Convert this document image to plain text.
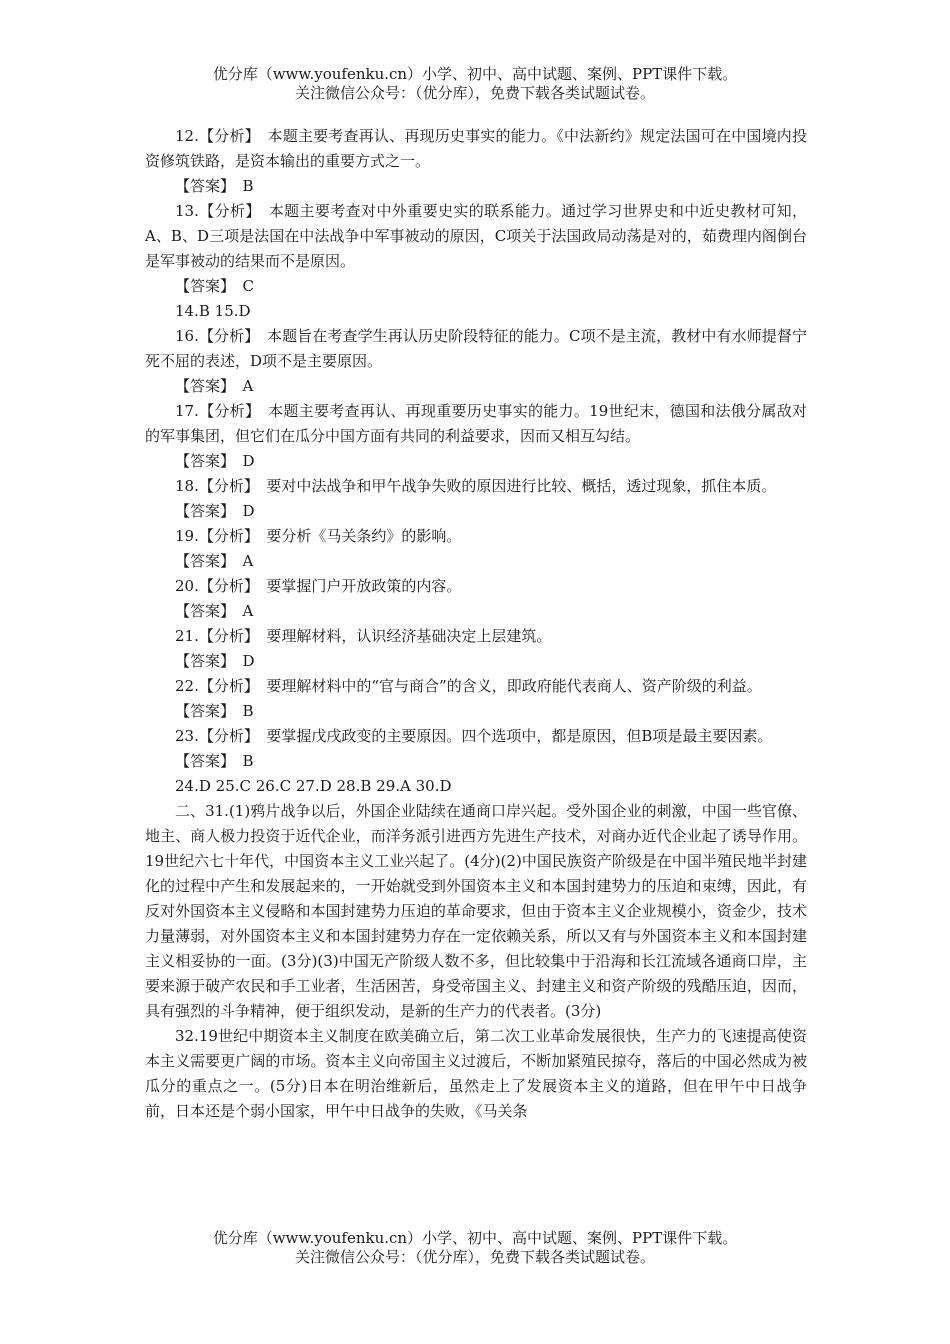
优分库（www.youfenku.cn）小学、初中、高中试题、案例、PPT课件下载。
关注微信公众号：（优分库），免费下载各类试题试卷。

12.【分析】　本题主要考查再认、再现历史事实的能力。《中法新约》规定法国可在中国境内投资修筑铁路，是资本输出的重要方式之一。

【答案】　B

13.【分析】　本题主要考查对中外重要史实的联系能力。通过学习世界史和中近史教材可知，A、B、D三项是法国在中法战争中军事被动的原因，C项关于法国政局动荡是对的，茹费理内阁倒台是军事被动的结果而不是原因。

【答案】　C

14.B 15.D

16.【分析】　本题旨在考查学生再认历史阶段特征的能力。C项不是主流，教材中有水师提督宁死不屈的表述，D项不是主要原因。

【答案】　A

17.【分析】　本题主要考查再认、再现重要历史事实的能力。19世纪末，德国和法俄分属敌对的军事集团，但它们在瓜分中国方面有共同的利益要求，因而又相互勾结。

【答案】　D

18.【分析】　要对中法战争和甲午战争失败的原因进行比较、概括，透过现象，抓住本质。

【答案】　D

19.【分析】　要分析《马关条约》的影响。

【答案】　A

20.【分析】　要掌握门户开放政策的内容。

【答案】　A

21.【分析】　要理解材料，认识经济基础决定上层建筑。

【答案】　D

22.【分析】　要理解材料中的“官与商合”的含义，即政府能代表商人、资产阶级的利益。

【答案】　B

23.【分析】　要掌握戊戌政变的主要原因。四个选项中，都是原因，但B项是最主要因素。

【答案】　B

24.D 25.C 26.C 27.D 28.B 29.A 30.D

二、31.(1)鸦片战争以后，外国企业陆续在通商口岸兴起。受外国企业的刺激，中国一些官僚、地主、商人极力投资于近代企业，而洋务派引进西方先进生产技术，对商办近代企业起了诱导作用。19世纪六七十年代，中国资本主义工业兴起了。(4分)(2)中国民族资产阶级是在中国半殖民地半封建化的过程中产生和发展起来的，一开始就受到外国资本主义和本国封建势力的压迫和束缚，因此，有反对外国资本主义侵略和本国封建势力压迫的革命要求，但由于资本主义企业规模小，资金少，技术力量薄弱，对外国资本主义和本国封建势力存在一定依赖关系，所以又有与外国资本主义和本国封建主义相妥协的一面。(3分)(3)中国无产阶级人数不多，但比较集中于沿海和长江流域各通商口岸，主要来源于破产农民和手工业者，生活困苦，身受帝国主义、封建主义和资产阶级的残酷压迫，因而，具有强烈的斗争精神，便于组织发动，是新的生产力的代表者。(3分)

32.19世纪中期资本主义制度在欧美确立后，第二次工业革命发展很快，生产力的飞速提高使资本主义需要更广阔的市场。资本主义向帝国主义过渡后，不断加紧殖民掠夺，落后的中国必然成为被瓜分的重点之一。(5分)日本在明治维新后，虽然走上了发展资本主义的道路，但在甲午中日战争前，日本还是个弱小国家，甲午中日战争的失败，《马关条

优分库（www.youfenku.cn）小学、初中、高中试题、案例、PPT课件下载。
关注微信公众号：（优分库），免费下载各类试题试卷。
